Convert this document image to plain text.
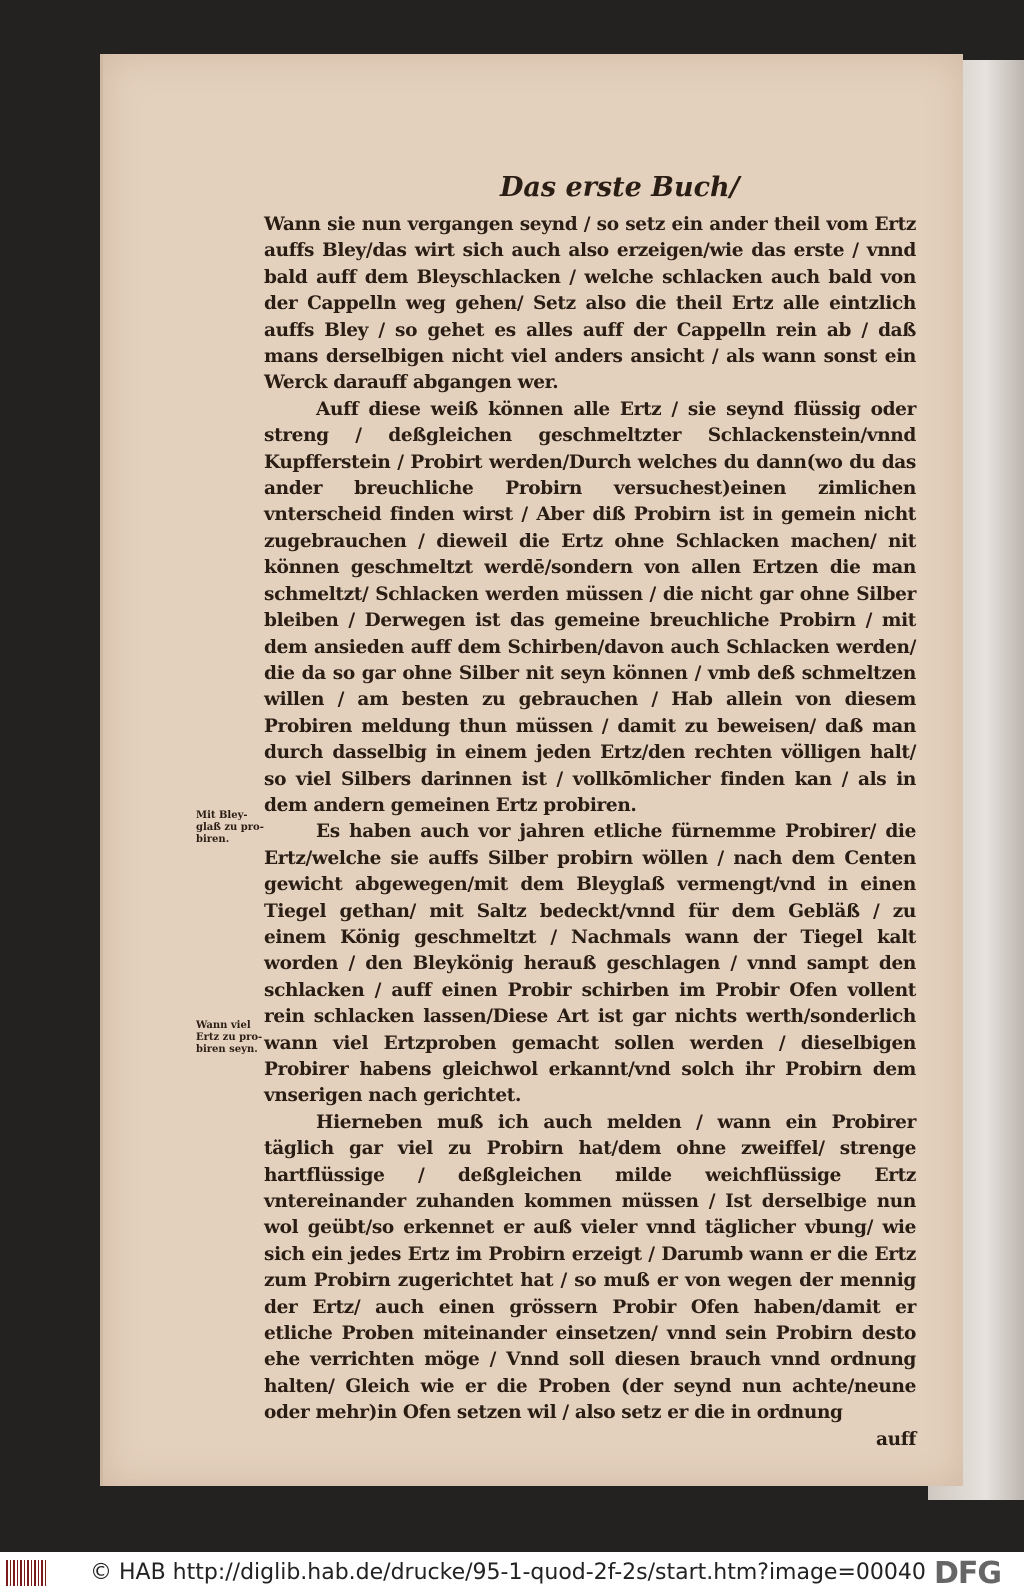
Das erste Buch/

Wann sie nun vergangen seynd / so setz ein ander theil vom Ertz auffs Bley/das wirt sich auch also erzeigen/wie das erste / vnnd bald auff dem Bleyschlacken / welche schlacken auch bald von der Cappelln weg gehen/ Setz also die theil Ertz alle eintzlich auffs Bley / so gehet es alles auff der Cappelln rein ab / daß mans derselbigen nicht viel anders ansicht / als wann sonst ein Werck darauff abgangen wer.

Auff diese weiß können alle Ertz / sie seynd flüssig oder streng / deßgleichen geschmeltzter Schlackenstein/vnnd Kupfferstein / Probirt werden/Durch welches du dann(wo du das ander breuchliche Probirn versuchest)einen zimlichen vnterscheid finden wirst / Aber diß Probirn ist in gemein nicht zugebrauchen / dieweil die Ertz ohne Schlacken machen/ nit können geschmeltzt werdē/sondern von allen Ertzen die man schmeltzt/ Schlacken werden müssen / die nicht gar ohne Silber bleiben / Derwegen ist das gemeine breuchliche Probirn / mit dem ansieden auff dem Schirben/davon auch Schlacken werden/ die da so gar ohne Silber nit seyn können / vmb deß schmeltzen willen / am besten zu gebrauchen / Hab allein von diesem Probiren meldung thun müssen / damit zu beweisen/ daß man durch dasselbig in einem jeden Ertz/den rechten völligen halt/ so viel Silbers darinnen ist / vollkōmlicher finden kan / als in dem andern gemeinen Ertz probiren.

Es haben auch vor jahren etliche fürnemme Probirer/ die Ertz/welche sie auffs Silber probirn wöllen / nach dem Centen gewicht abgewegen/mit dem Bleyglaß vermengt/vnd in einen Tiegel gethan/ mit Saltz bedeckt/vnnd für dem Gebläß / zu einem König geschmeltzt / Nachmals wann der Tiegel kalt worden / den Bleykönig herauß geschlagen / vnnd sampt den schlacken / auff einen Probir schirben im Probir Ofen vollent rein schlacken lassen/Diese Art ist gar nichts werth/sonderlich wann viel Ertzproben gemacht sollen werden / dieselbigen Probirer habens gleichwol erkannt/vnd solch ihr Probirn dem vnserigen nach gerichtet.

Hierneben muß ich auch melden / wann ein Probirer täglich gar viel zu Probirn hat/dem ohne zweiffel/ strenge hartflüssige / deßgleichen milde weichflüssige Ertz vntereinander zuhanden kommen müssen / Ist derselbige nun wol geübt/so erkennet er auß vieler vnnd täglicher vbung/ wie sich ein jedes Ertz im Probirn erzeigt / Darumb wann er die Ertz zum Probirn zugerichtet hat / so muß er von wegen der mennig der Ertz/ auch einen grössern Probir Ofen haben/damit er etliche Proben miteinander einsetzen/ vnnd sein Probirn desto ehe verrichten möge / Vnnd soll diesen brauch vnnd ordnung halten/ Gleich wie er die Proben (der seynd nun achte/neune oder mehr)in Ofen setzen wil / also setz er die in ordnung

auff

Mit Bley-glaß zu pro-biren.

Wann viel Ertz zu pro-biren seyn.

© HAB http://diglib.hab.de/drucke/95-1-quod-2f-2s/start.htm?image=00040 DFG
